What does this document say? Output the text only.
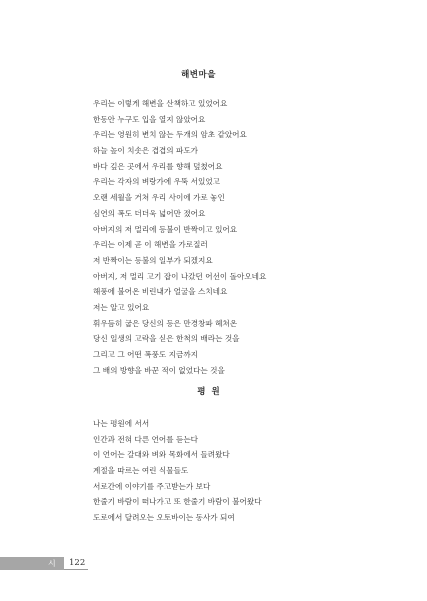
해변마을
우리는 이렇게 해변을 산책하고 있었어요
한동안 누구도 입을 열지 않았어요
우리는 영원히 변치 않는 두개의 암초 같았어요
하늘 높이 치솟은 겹겹의 파도가
바다 깊은 곳에서 우리를 향해 덮쳤어요
우리는 각자의 벼랑가에 우뚝 서있었고
오랜 세월을 거쳐 우리 사이에 가로 놓인
심연의 폭도 더더욱 넓어만 졌어요
아버지의 저 멀리에 등불이 반짝이고 있어요
우리는 이제 곧 이 해변을 가로질러
저 반짝이는 등불의 일부가 되겠지요
아버지, 저 멀리 고기 잡이 나갔던 어선이 돌아오네요
해풍에 불어온 비린내가 얼굴을 스치네요
저는 알고 있어요
휘우듬히 굽은 당신의 등은 만경창파 헤쳐온
당신 일생의 고락을 싣은 한척의 배라는 것을
그리고 그 어떤 폭풍도 지금까지
그 배의 방향을 바꾼 적이 없었다는 것을
평원
나는 평원에 서서
인간과 전혀 다른 언어를 듣는다
이 언어는 갈대와 벼와 목화에서 들려왔다
계절을 따르는 여린 식물들도
서로간에 이야기를 주고받는가 보다
한줄기 바람이 떠나가고 또 한줄기 바람이 불어왔다
도로에서 달려오는 오토바이는 동사가 되여
시 122
